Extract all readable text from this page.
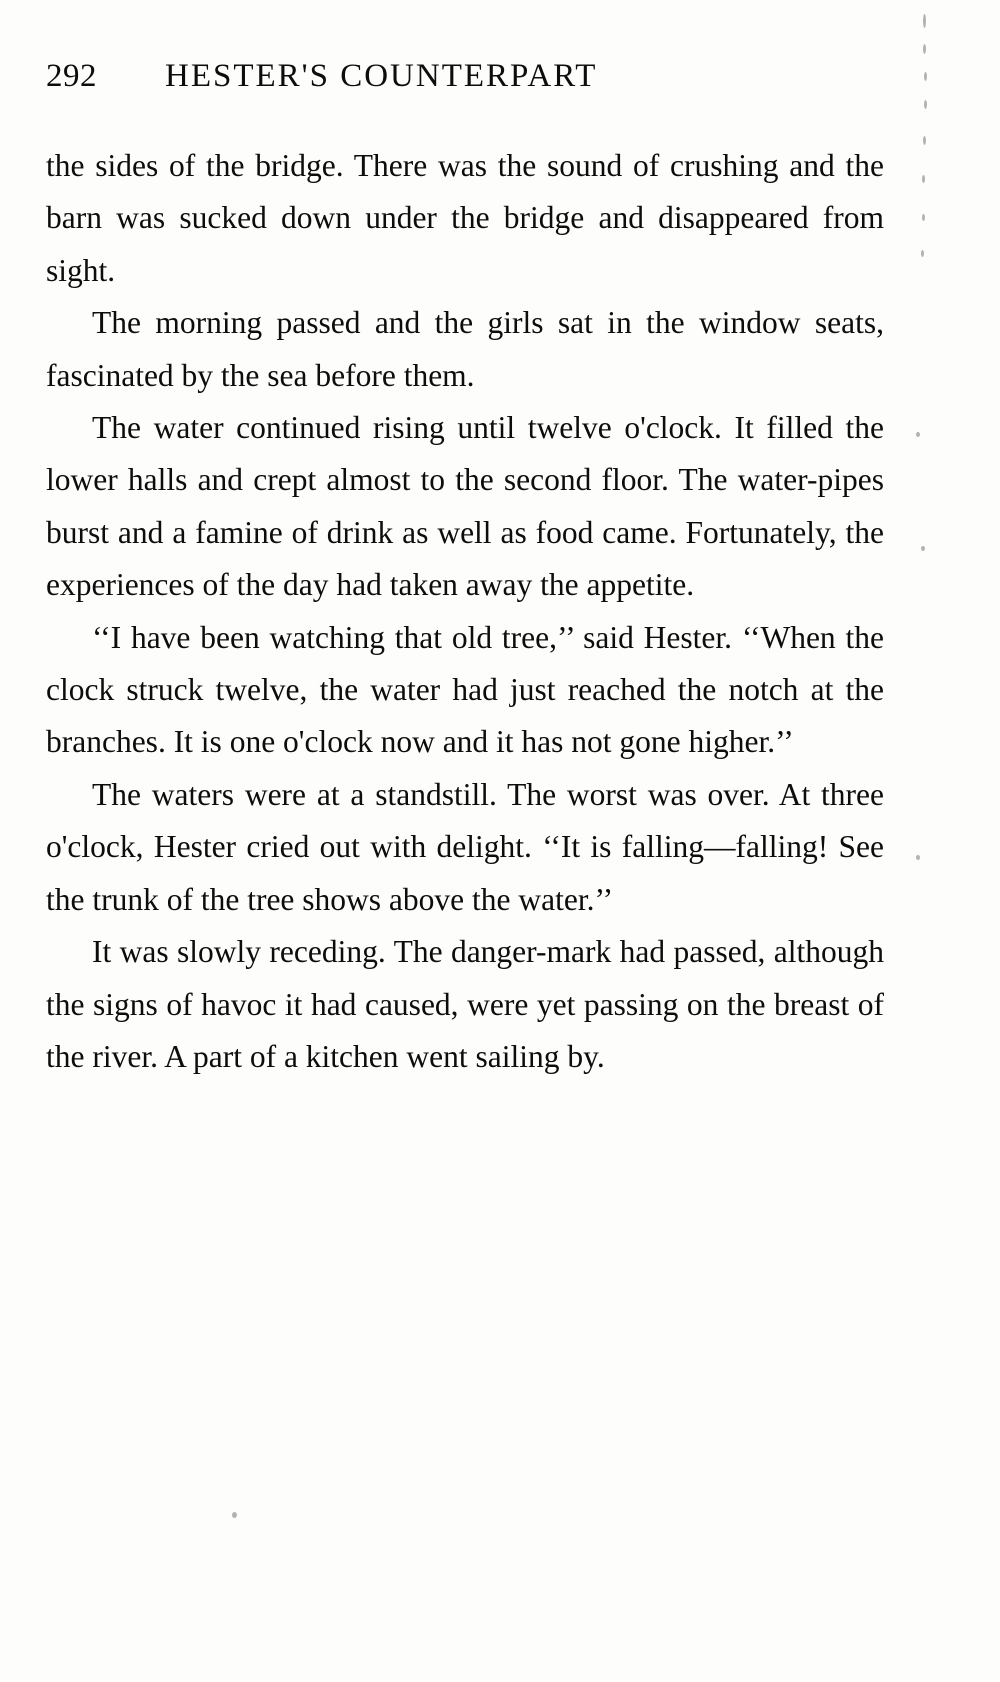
292 HESTER'S COUNTERPART

the sides of the bridge. There was the sound of crushing and the barn was sucked down under the bridge and disappeared from sight.

The morning passed and the girls sat in the window seats, fascinated by the sea before them.

The water continued rising until twelve o'clock. It filled the lower halls and crept almost to the second floor. The water-pipes burst and a famine of drink as well as food came. Fortunately, the experiences of the day had taken away the appetite.

‘‘I have been watching that old tree,’’ said Hester. ‘‘When the clock struck twelve, the water had just reached the notch at the branches. It is one o'clock now and it has not gone higher.’’

The waters were at a standstill. The worst was over. At three o'clock, Hester cried out with delight. ‘‘It is falling—falling! See the trunk of the tree shows above the water.’’

It was slowly receding. The danger-mark had passed, although the signs of havoc it had caused, were yet passing on the breast of the river. A part of a kitchen went sailing by.
